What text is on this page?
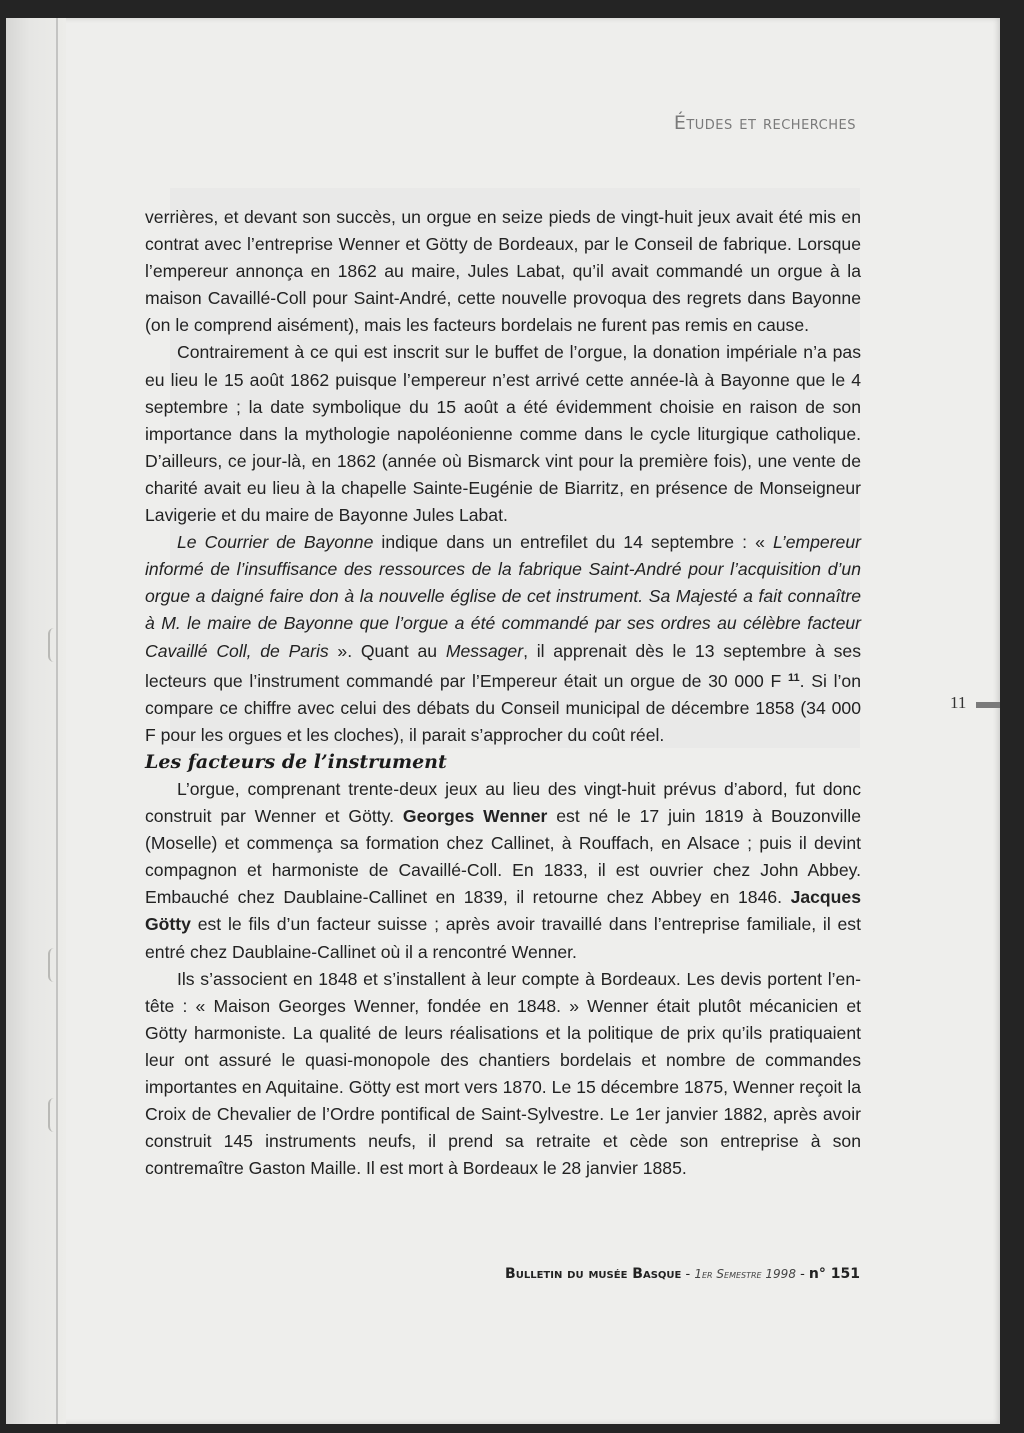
Études et recherches

verrières, et devant son succès, un orgue en seize pieds de vingt-huit jeux avait été mis en contrat avec l’entreprise Wenner et Götty de Bordeaux, par le Conseil de fabrique. Lorsque l’empereur annonça en 1862 au maire, Jules Labat, qu’il avait commandé un orgue à la maison Cavaillé-Coll pour Saint-André, cette nouvelle provoqua des regrets dans Bayonne (on le comprend aisément), mais les facteurs bordelais ne furent pas remis en cause.

Contrairement à ce qui est inscrit sur le buffet de l’orgue, la donation impériale n’a pas eu lieu le 15 août 1862 puisque l’empereur n’est arrivé cette année-là à Bayonne que le 4 septembre ; la date symbolique du 15 août a été évidemment choisie en raison de son importance dans la mythologie napoléonienne comme dans le cycle liturgique catholique. D’ailleurs, ce jour-là, en 1862 (année où Bismarck vint pour la première fois), une vente de charité avait eu lieu à la chapelle Sainte-Eugénie de Biarritz, en présence de Monseigneur Lavigerie et du maire de Bayonne Jules Labat.

Le Courrier de Bayonne indique dans un entrefilet du 14 septembre : « L’empereur informé de l’insuffisance des ressources de la fabrique Saint-André pour l’acquisition d’un orgue a daigné faire don à la nouvelle église de cet instrument. Sa Majesté a fait connaître à M. le maire de Bayonne que l’orgue a été commandé par ses ordres au célèbre facteur Cavaillé Coll, de Paris ». Quant au Messager, il apprenait dès le 13 septembre à ses lecteurs que l’instrument commandé par l’Empereur était un orgue de 30 000 F $^{11}$. Si l’on compare ce chiffre avec celui des débats du Conseil municipal de décembre 1858 (34 000 F pour les orgues et les cloches), il parait s’approcher du coût réel.

Les facteurs de l’instrument

L’orgue, comprenant trente-deux jeux au lieu des vingt-huit prévus d’abord, fut donc construit par Wenner et Götty. Georges Wenner est né le 17 juin 1819 à Bouzonville (Moselle) et commença sa formation chez Callinet, à Rouffach, en Alsace ; puis il devint compagnon et harmoniste de Cavaillé-Coll. En 1833, il est ouvrier chez John Abbey. Embauché chez Daublaine-Callinet en 1839, il retourne chez Abbey en 1846. Jacques Götty est le fils d’un facteur suisse ; après avoir travaillé dans l’entreprise familiale, il est entré chez Daublaine-Callinet où il a rencontré Wenner.

Ils s’associent en 1848 et s’installent à leur compte à Bordeaux. Les devis portent l’en-tête : « Maison Georges Wenner, fondée en 1848. » Wenner était plutôt mécanicien et Götty harmoniste. La qualité de leurs réalisations et la politique de prix qu’ils pratiquaient leur ont assuré le quasi-monopole des chantiers bordelais et nombre de commandes importantes en Aquitaine. Götty est mort vers 1870. Le 15 décembre 1875, Wenner reçoit la Croix de Chevalier de l’Ordre pontifical de Saint-Sylvestre. Le 1er janvier 1882, après avoir construit 145 instruments neufs, il prend sa retraite et cède son entreprise à son contremaître Gaston Maille. Il est mort à Bordeaux le 28 janvier 1885.

11
Bulletin du musée Basque - 1er Semestre 1998 - n° 151
